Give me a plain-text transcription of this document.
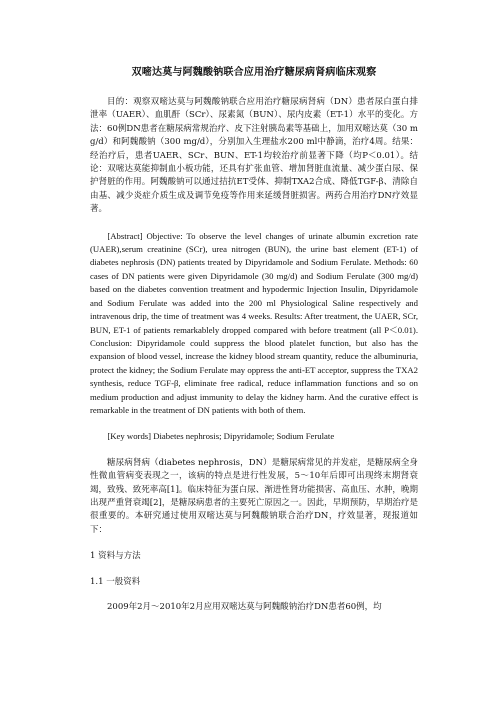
双嘧达莫与阿魏酸钠联合应用治疗糖尿病肾病临床观察

目的：观察双嘧达莫与阿魏酸钠联合应用治疗糖尿病肾病（DN）患者尿白蛋白排泄率（UAER）、血肌酐（SCr）、尿素氮（BUN）、尿内皮素（ET-1）水平的变化。方法：60例DN患者在糖尿病常规治疗、皮下注射胰岛素等基础上，加用双嘧达莫（30 mg/d）和阿魏酸钠（300 mg/d），分别加入生理盐水200 ml中静滴，治疗4周。结果：经治疗后，患者UAER、SCr、BUN、ET-1均较治疗前显著下降（均P＜0.01）。结论：双嘧达莫能抑制血小板功能，还具有扩张血管、增加肾脏血流量、减少蛋白尿、保护肾脏的作用。阿魏酸钠可以通过拮抗ET受体、抑制TXA2合成、降低TGF-β、清除自由基、减少炎症介质生成及调节免疫等作用来延缓肾脏损害。两药合用治疗DN疗效显著。

[Abstract] Objective: To observe the level changes of urinate albumin excretion rate (UAER),serum creatinine (SCr), urea nitrogen (BUN), the urine bast element (ET-1) of diabetes nephrosis (DN) patients treated by Dipyridamole and Sodium Ferulate. Methods: 60 cases of DN patients were given Dipyridamole (30 mg/d) and Sodium Ferulate (300 mg/d) based on the diabetes convention treatment and hypodermic Injection Insulin, Dipyridamole and Sodium Ferulate was added into the 200 ml Physiological Saline respectively and intravenous drip, the time of treatment was 4 weeks. Results: After treatment, the UAER, SCr, BUN, ET-1 of patients remarkablely dropped compared with before treatment (all P＜0.01). Conclusion: Dipyridamole could suppress the blood platelet function, but also has the expansion of blood vessel, increase the kidney blood stream quantity, reduce the albuminuria, protect the kidney; the Sodium Ferulate may oppress the anti-ET acceptor, suppress the TXA2 synthesis, reduce TGF-β, eliminate free radical, reduce inflammation functions and so on medium production and adjust immunity to delay the kidney harm. And the curative effect is remarkable in the treatment of DN patients with both of them.

[Key words] Diabetes nephrosis; Dipyridamole; Sodium Ferulate

糖尿病肾病（diabetes nephrosis，DN）是糖尿病常见的并发症，是糖尿病全身性微血管病变表现之一，该病的特点是进行性发展，5～10年后即可出现终末期肾衰竭，致残、致死率高[1]。临床特征为蛋白尿、渐进性肾功能损害、高血压、水肿，晚期出现严重肾衰竭[2]，是糖尿病患者的主要死亡原因之一。因此，早期预防，早期治疗是很重要的。本研究通过使用双嘧达莫与阿魏酸钠联合治疗DN，疗效显著，现报道如下：

1 资料与方法
1.1 一般资料

2009年2月～2010年2月应用双嘧达莫与阿魏酸钠治疗DN患者60例，均
